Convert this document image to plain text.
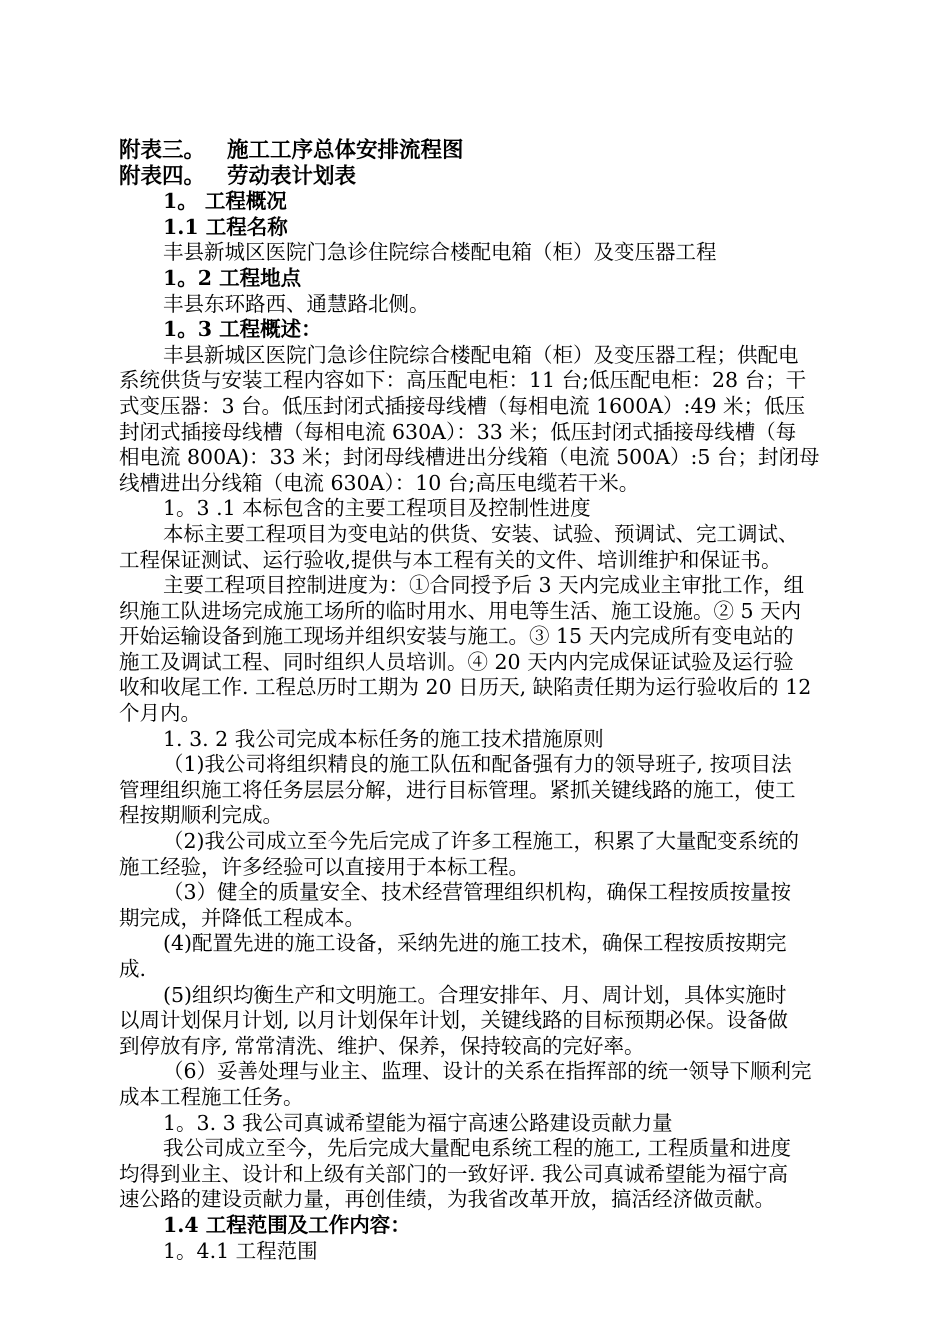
附表三。 施工工序总体安排流程图
附表四。 劳动表计划表
1。 工程概况
1.1 工程名称
丰县新城区医院门急诊住院综合楼配电箱（柜）及变压器工程
1。2 工程地点
丰县东环路西、通慧路北侧。
1。3 工程概述：
丰县新城区医院门急诊住院综合楼配电箱（柜）及变压器工程；供配电
系统供货与安装工程内容如下：高压配电柜：11 台;低压配电柜：28 台；干
式变压器：3 台。低压封闭式插接母线槽（每相电流 1600A）:49 米；低压
封闭式插接母线槽（每相电流 630A）：33 米；低压封闭式插接母线槽（每
相电流 800A)：33 米；封闭母线槽进出分线箱（电流 500A）:5 台；封闭母
线槽进出分线箱（电流 630A）：10 台;高压电缆若干米。
1。3 .1 本标包含的主要工程项目及控制性进度
本标主要工程项目为变电站的供货、安装、试验、预调试、完工调试、
工程保证测试、运行验收,提供与本工程有关的文件、培训维护和保证书。
主要工程项目控制进度为：①合同授予后 3 天内完成业主审批工作，组
织施工队进场完成施工场所的临时用水、用电等生活、施工设施。② 5 天内
开始运输设备到施工现场并组织安装与施工。③ 15 天内完成所有变电站的
施工及调试工程、同时组织人员培训。④ 20 天内内完成保证试验及运行验
收和收尾工作. 工程总历时工期为 20 日历天, 缺陷责任期为运行验收后的 12
个月内。
1. 3. 2 我公司完成本标任务的施工技术措施原则
（1)我公司将组织精良的施工队伍和配备强有力的领导班子, 按项目法
管理组织施工将任务层层分解，进行目标管理。紧抓关键线路的施工，使工
程按期顺利完成。
（2)我公司成立至今先后完成了许多工程施工，积累了大量配变系统的
施工经验，许多经验可以直接用于本标工程。
（3）健全的质量安全、技术经营管理组织机构，确保工程按质按量按
期完成，并降低工程成本。
(4)配置先进的施工设备，采纳先进的施工技术，确保工程按质按期完
成.
(5)组织均衡生产和文明施工。合理安排年、月、周计划，具体实施时
以周计划保月计划, 以月计划保年计划，关键线路的目标预期必保。设备做
到停放有序, 常常清洗、维护、保养，保持较高的完好率。
（6）妥善处理与业主、监理、设计的关系在指挥部的统一领导下顺利完
成本工程施工任务。
1。3. 3 我公司真诚希望能为福宁高速公路建设贡献力量
我公司成立至今，先后完成大量配电系统工程的施工, 工程质量和进度
均得到业主、设计和上级有关部门的一致好评. 我公司真诚希望能为福宁高
速公路的建设贡献力量，再创佳绩，为我省改革开放，搞活经济做贡献。
1.4 工程范围及工作内容：
1。4.1 工程范围
